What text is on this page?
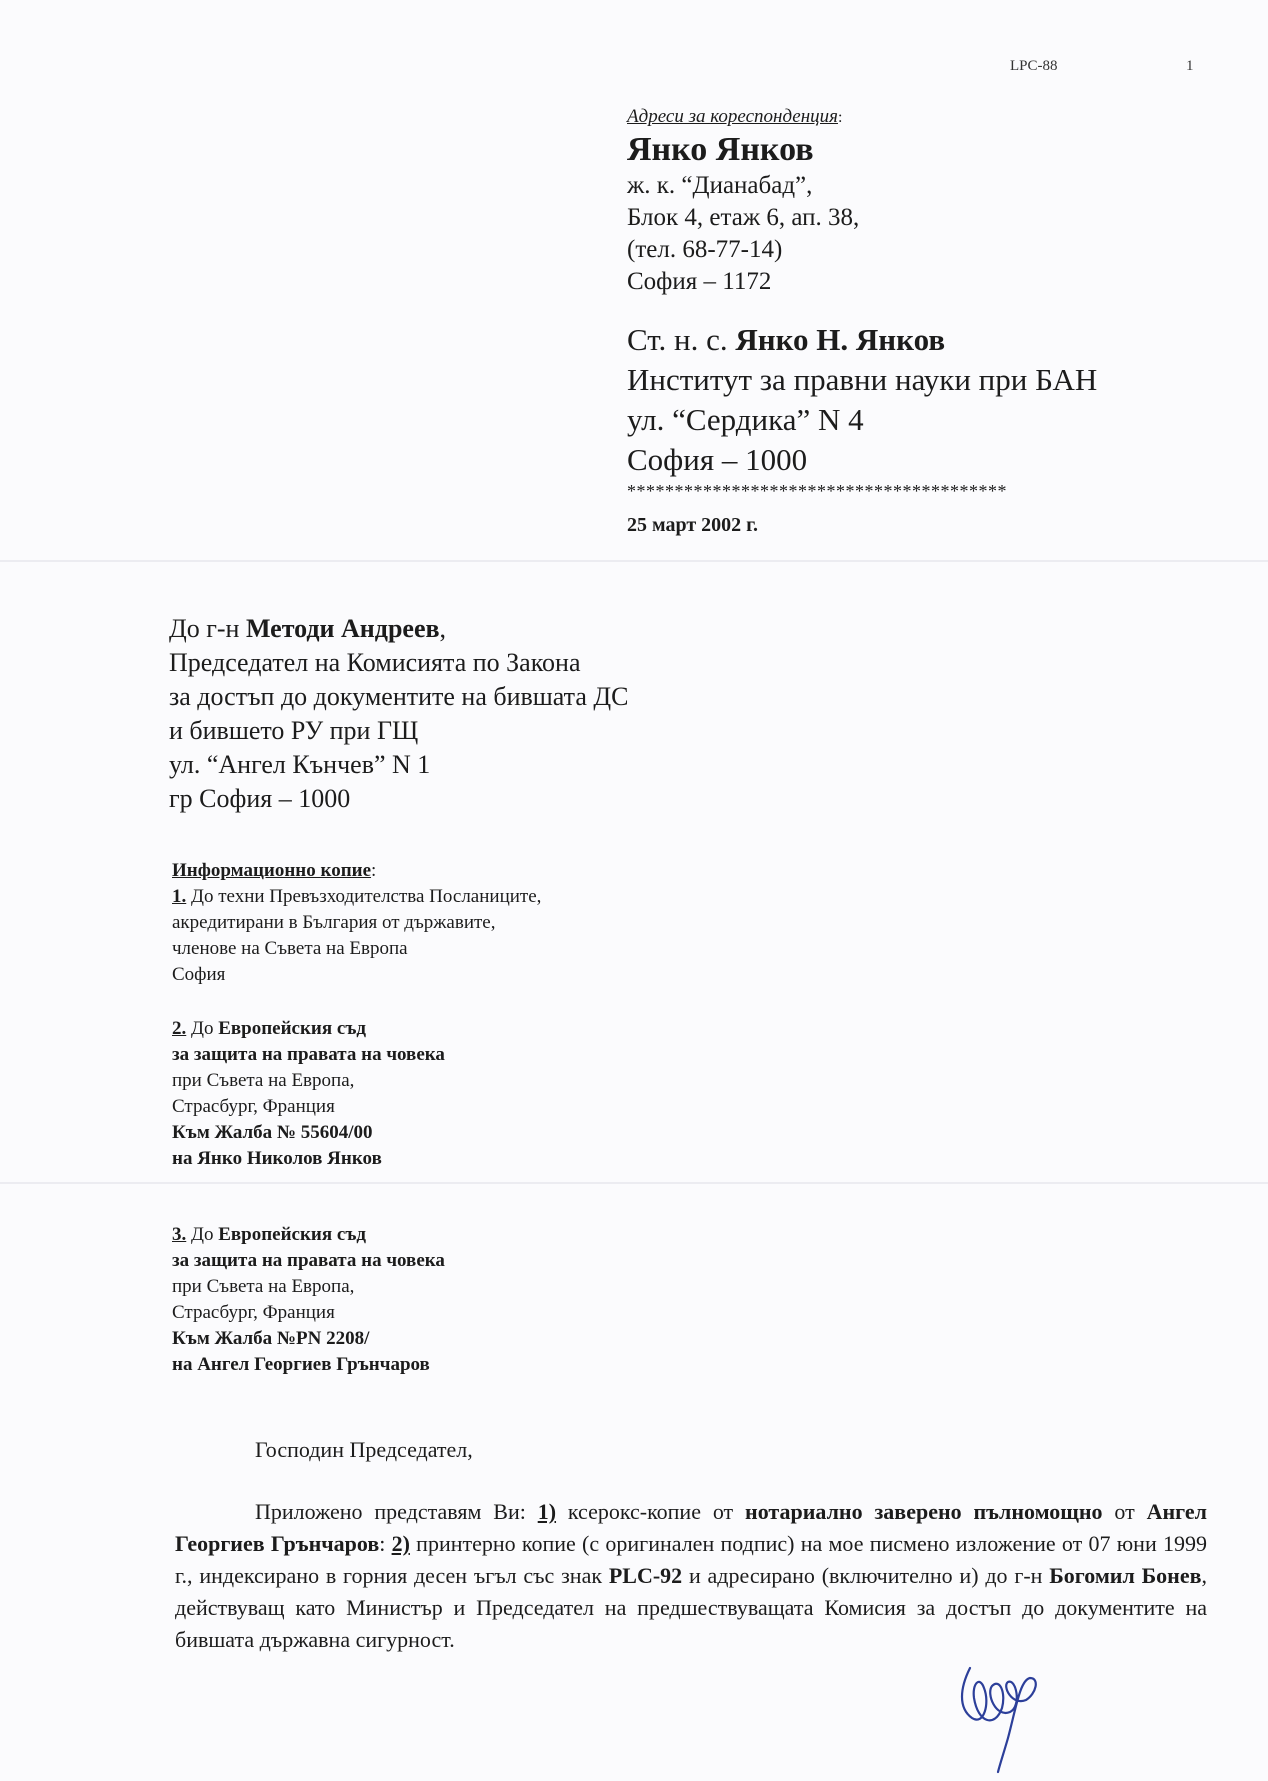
LPC-88	1
Адреси за кореспонденция:
Янко Янков
ж. к. “Дианабад”,
Блок 4, етаж 6, ап. 38,
(тел. 68-77-14)
София – 1172
Ст. н. с. Янко Н. Янков
Институт за правни науки при БАН
ул. “Сердика” N 4
София – 1000
****************************************
25 март 2002 г.
До г-н Методи Андреев,
Председател на Комисията по Закона
за достъп до документите на бившата ДС
и бившето РУ при ГЩ
ул. “Ангел Кънчев” N 1
гр София – 1000
Информационно копие:
1. До техни Превъзходителства Посланиците,
акредитирани в България от държавите,
членове на Съвета на Европа
София
2. До Европейския съд
за защита на правата на човека
при Съвета на Европа,
Страсбург, Франция
Към Жалба № 55604/00
на Янко Николов Янков
3. До Европейския съд
за защита на правата на човека
при Съвета на Европа,
Страсбург, Франция
Към Жалба №PN 2208/
на Ангел Георгиев Грънчаров
Господин Председател,
Приложено представям Ви: 1) ксерокс-копие от нотариално заверено пълномощно от Ангел Георгиев Грънчаров: 2) принтерно копие (с оригинален подпис) на мое писмено изложение от 07 юни 1999 г., индексирано в горния десен ъгъл със знак PLC-92 и адресирано (включително и) до г-н Богомил Бонев, действуващ като Министър и Председател на предшествуващата Комисия за достъп до документите на бившата държавна сигурност.
